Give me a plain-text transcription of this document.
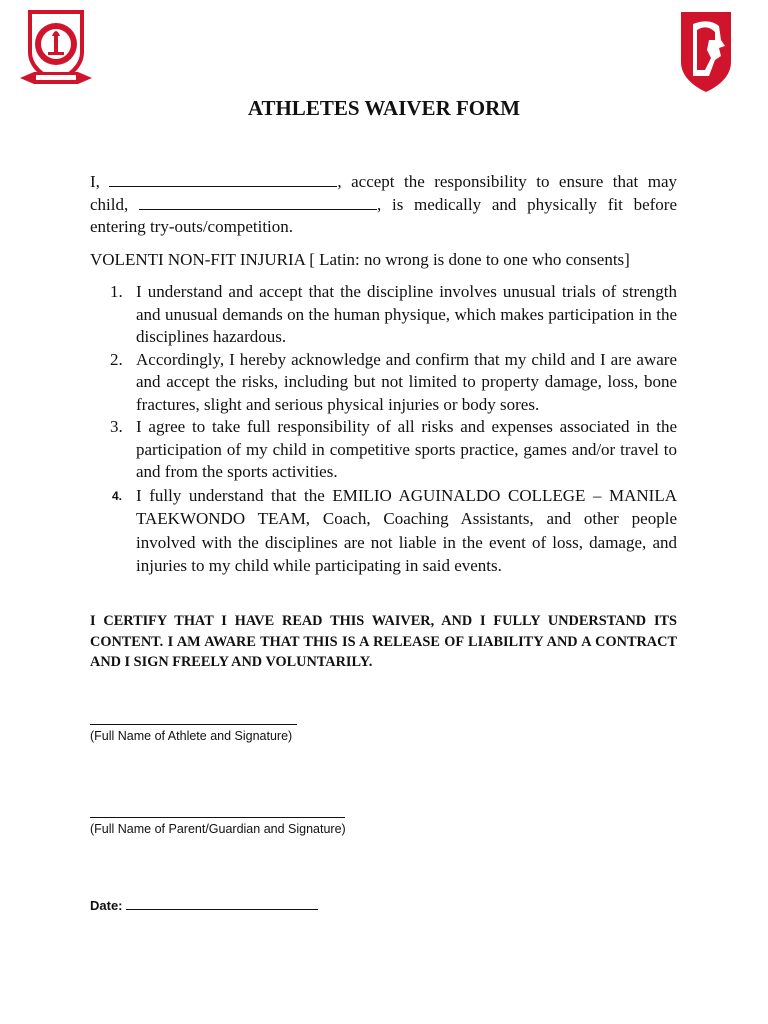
ATHLETES WAIVER FORM
I,	, accept the responsibility to ensure that may child,	, is medically and physically fit before entering try-outs/competition.
VOLENTI NON-FIT INJURIA [ Latin: no wrong is done to one who consents]
1. I understand and accept that the discipline involves unusual trials of strength and unusual demands on the human physique, which makes participation in the disciplines hazardous.
2. Accordingly, I hereby acknowledge and confirm that my child and I are aware and accept the risks, including but not limited to property damage, loss, bone fractures, slight and serious physical injuries or body sores.
3. I agree to take full responsibility of all risks and expenses associated in the participation of my child in competitive sports practice, games and/or travel to and from the sports activities.
4. I fully understand that the EMILIO AGUINALDO COLLEGE – MANILA TAEKWONDO TEAM, Coach, Coaching Assistants, and other people involved with the disciplines are not liable in the event of loss, damage, and injuries to my child while participating in said events.
I CERTIFY THAT I HAVE READ THIS WAIVER, AND I FULLY UNDERSTAND ITS CONTENT. I AM AWARE THAT THIS IS A RELEASE OF LIABILITY AND A CONTRACT AND I SIGN FREELY AND VOLUNTARILY.
(Full Name of Athlete and Signature)
(Full Name of Parent/Guardian and Signature)
Date:
